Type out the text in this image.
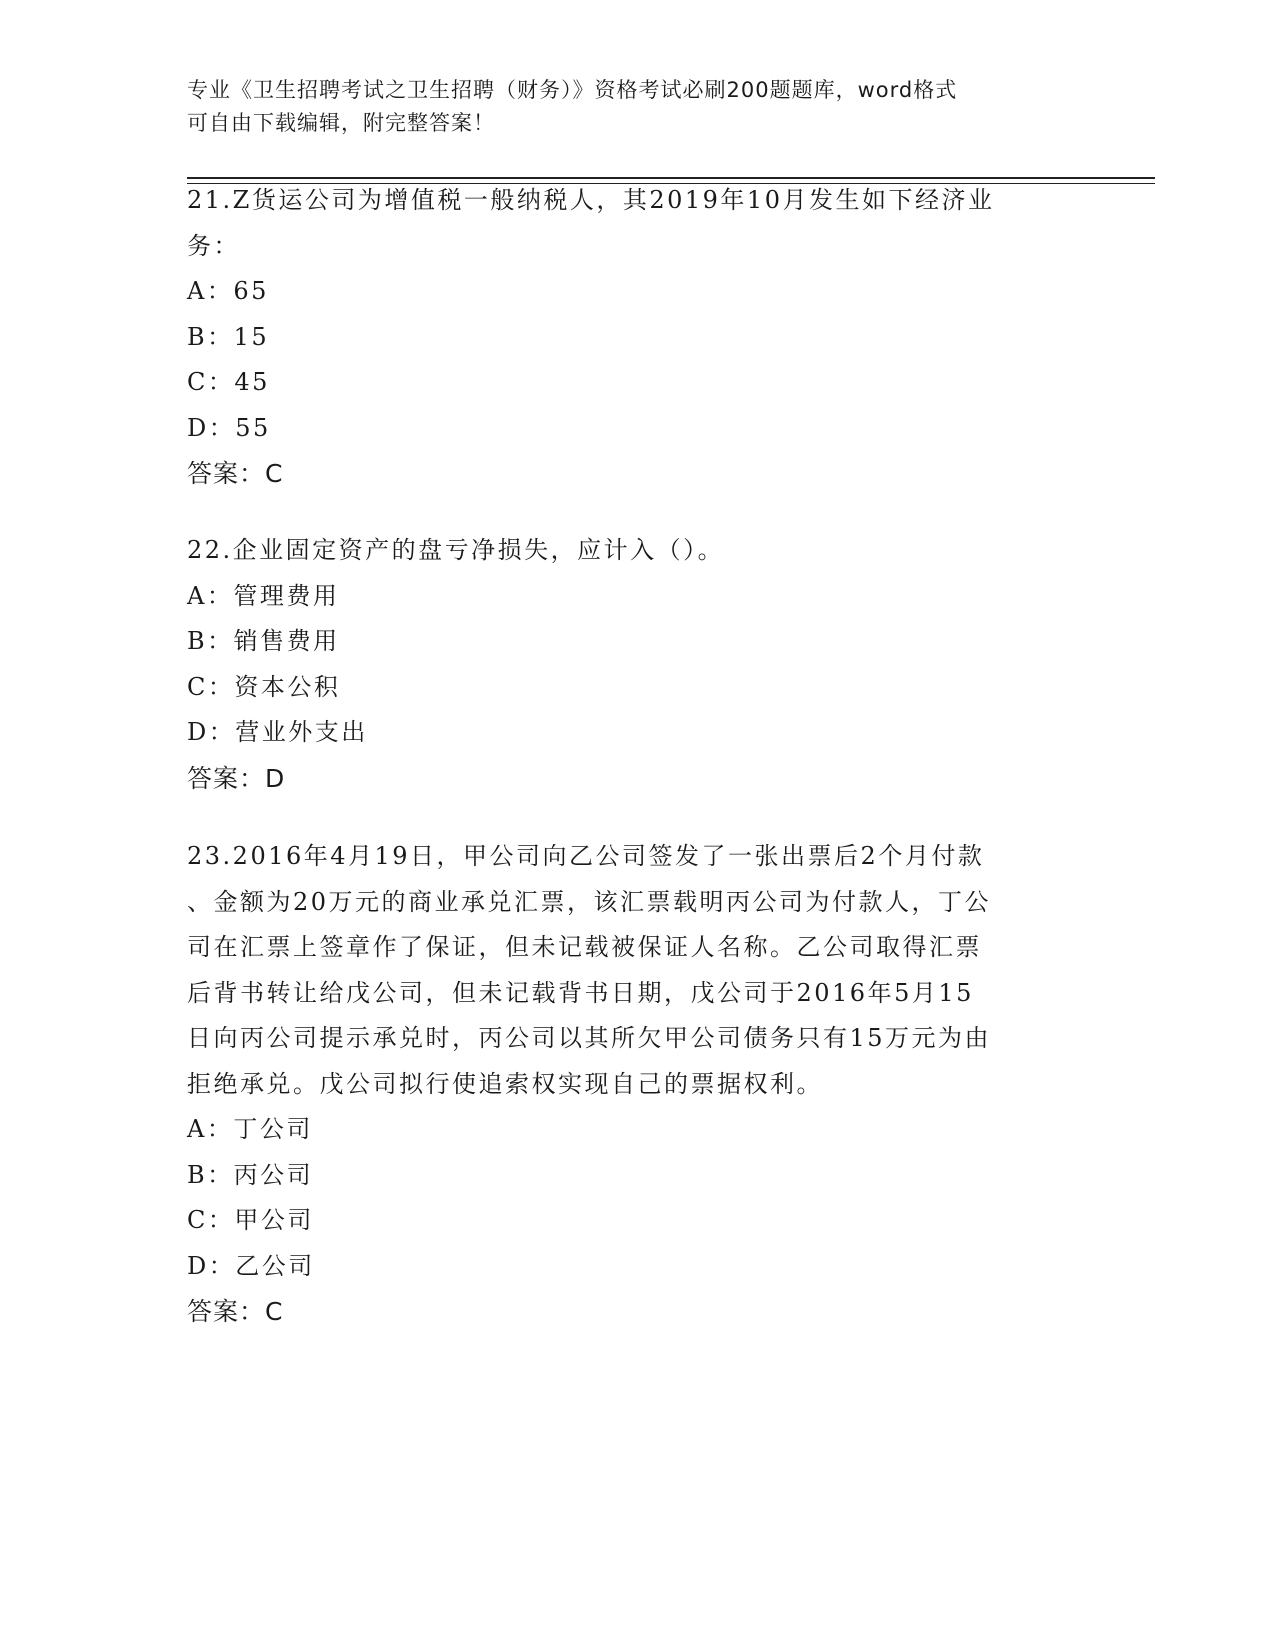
专业《卫生招聘考试之卫生招聘（财务）》资格考试必刷200题题库，word格式
可自由下载编辑，附完整答案！

21.Z货运公司为增值税一般纳税人，其2019年10月发生如下经济业

务：

A：65

B：15

C：45

D：55

答案：C

22.企业固定资产的盘亏净损失，应计入（）。

A：管理费用

B：销售费用

C：资本公积

D：营业外支出

答案：D

23.2016年4月19日，甲公司向乙公司签发了一张出票后2个月付款

、金额为20万元的商业承兑汇票，该汇票载明丙公司为付款人，丁公

司在汇票上签章作了保证，但未记载被保证人名称。乙公司取得汇票

后背书转让给戊公司，但未记载背书日期，戊公司于2016年5月15

日向丙公司提示承兑时，丙公司以其所欠甲公司债务只有15万元为由

拒绝承兑。戊公司拟行使追索权实现自己的票据权利。

A：丁公司

B：丙公司

C：甲公司

D：乙公司

答案：C
